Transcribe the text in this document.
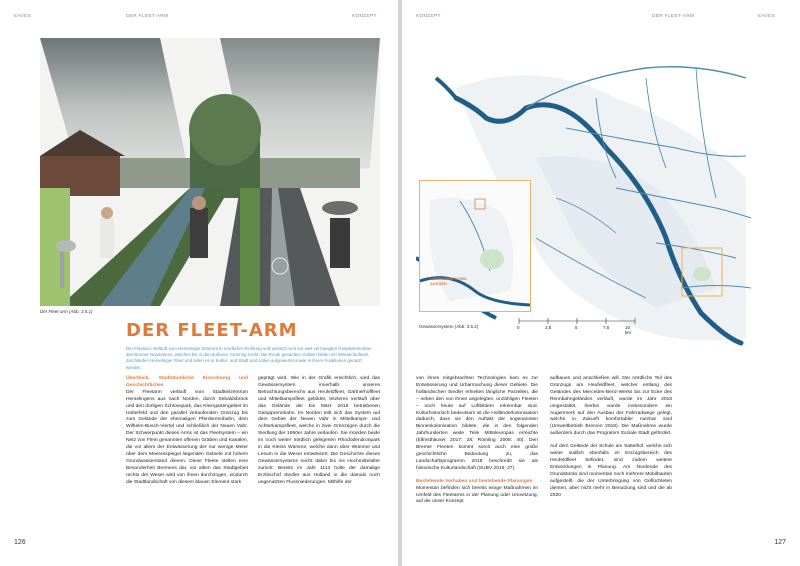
EAVES	DER FLEET-ARM	KONZEPT
Der Fleet-arm (Abb. 3.5.1)
DER FLEET-ARM
Der Fleetarm verläuft vom Hemelinger Zentrum in nördlicher Richtung und vernetzt sich zur weit verzweigten Gewässerkulisse des Bremer Nordostens, welches bis in den äußeren Grünring reicht. Die Route gesamten Gräben bilden ein Wasserlaufnetz, durchlaufen Hemelinger Fleet und teilen es in Kultur- und Stadt und sollen aufgewertet sowie in ihrem Funktionen genutzt werden.
Überblick, Stadträumliche Einordnung und Geschichtliches
Der Fleetarm verläuft vom Stadtteilzentrum Hemelingens aus nach Norden, durch Sebaldsbrück und den dortigen Schlosspark, das Kleingartengebiet im Holterfeld und den parallel verlaufenden Grünzug bis zum Gelände der ehemaligen Pferderennbahn, dem Wilhelm-Busch-Viertel und schließlich der Neuen Vahr. Der Schwerpunkt dieses Arms ist das Fleetsystem – ein Netz von Fleet genannten offenen Gräben und Kanälen, die vor allem der Entwässerung der nur wenige Meter über dem Meeresspiegel liegenden Gebiete mit hohem Grundwasserstand dienen. Diese Fleete stellen eine Besonderheit Bremens dar, vor allem das Stadtgebiet rechts der Weser wird von ihnen durchzogen, wodurch die Stadtlandschaft von diesem blauen Element stark
geprägt wird. Wie in der Grafik ersichtlich, wird das Gewässersystem innerhalb unseres Betrachtungsbereichs aus Heufeldfleet, Gärtnerhoffleet und Mittelkampsfleet gebildet, letzteres verläuft über das Gelände der bis März 2018 betriebenen Galopprennbahn. Im Norden teilt sich das System auf dem Gebiet der Neuen Vahr in Mittelkamps- und Achterkampsfleet, welche in zwei Grünzügen durch die Siedlung der 1950er Jahre verlaufen. Sie münden beide im noch weiter nördlich gelegenen Rhododendronpark in die Kleine Wümme, welche dann über Wümme und Lesum in die Weser entwässert. Die Geschichte dieses Gewässersystems reicht dabei bis ins Hochmittelalter zurück: Bereits im Jahr 1113 holte der damalige Erzbischof Siedler aus Holland in die damals noch ungenutzten Flussniederungen. Mithilfe der
126
KONZEPT	DER FLEET-ARM	EAVES
LEBENDIGE NORD-AUSSEN
Gewässersystem (Abb. 3.5.2)	0	2,5	5	7,5	10 km

von ihnen mitgebrachten Technologien kam es zur Entwässerung und Urbarmachung dieser Gebiete. Die holländischen Siedler erhielten längliche Parzellen, die – neben den von ihnen angelegten, unzähligen Fleeten – noch heute auf Luftbildern erkennbar sind. Kulturhistorisch bedeutsam ist die Holländerkolonisation dadurch, dass sie den Auftakt der sogenannten Binnenkolonisation bildete, die in den folgenden Jahrhunderten weite Teile Mitteleuropas erreichte (Ellmsthäuser 2017: 28; Römling 2008: 40). Den Bremer Fleeten kommt somit auch eine große geschichtliche Bedeutung zu, das Landschaftsprogramm 2015 beschreibt sie als historische Kulturlandschaft (SUBV 2016: 27).

Bestehende Vorhaben und bestehende Planungen
Momentan befinden sich bereits einige Maßnahmen im Umfeld des Fleetarms in der Planung oder Umsetzung, auf die unser Konzept

aufbauen und anschließen will. Der nördliche Teil des Grünzugs am Heufeldfleet, welcher entlang des Geländes des Mercedes-Benz-Werks bis zur Ecke des Rennbahngeländes verläuft, wurde im Jahr 2018 umgestaltet, hierbei wurde insbesondere ein Augenmerk auf den Ausbau der Fahrradwege gelegt, welche in Zukunft komfortabler nutzbar sind (Umweltbetrieb Bremen 2018). Die Maßnahme wurde außerdem durch das Programm Soziale Stadt gefördert.

Auf dem Gelände der Schule am Sattelhof, welche sich weiter südlich ebenfalls im Einzugsbereich des Heufeldfleet befindet, sind zudem weitere Entwicklungen in Planung. Am Nordende des Grundstücks sind momentan noch mehrere Mobilbauten aufgestellt, die der Unterbringung von Geflüchteten dienten, aber nicht mehr in Benutzung sind und die ab 2020
127
